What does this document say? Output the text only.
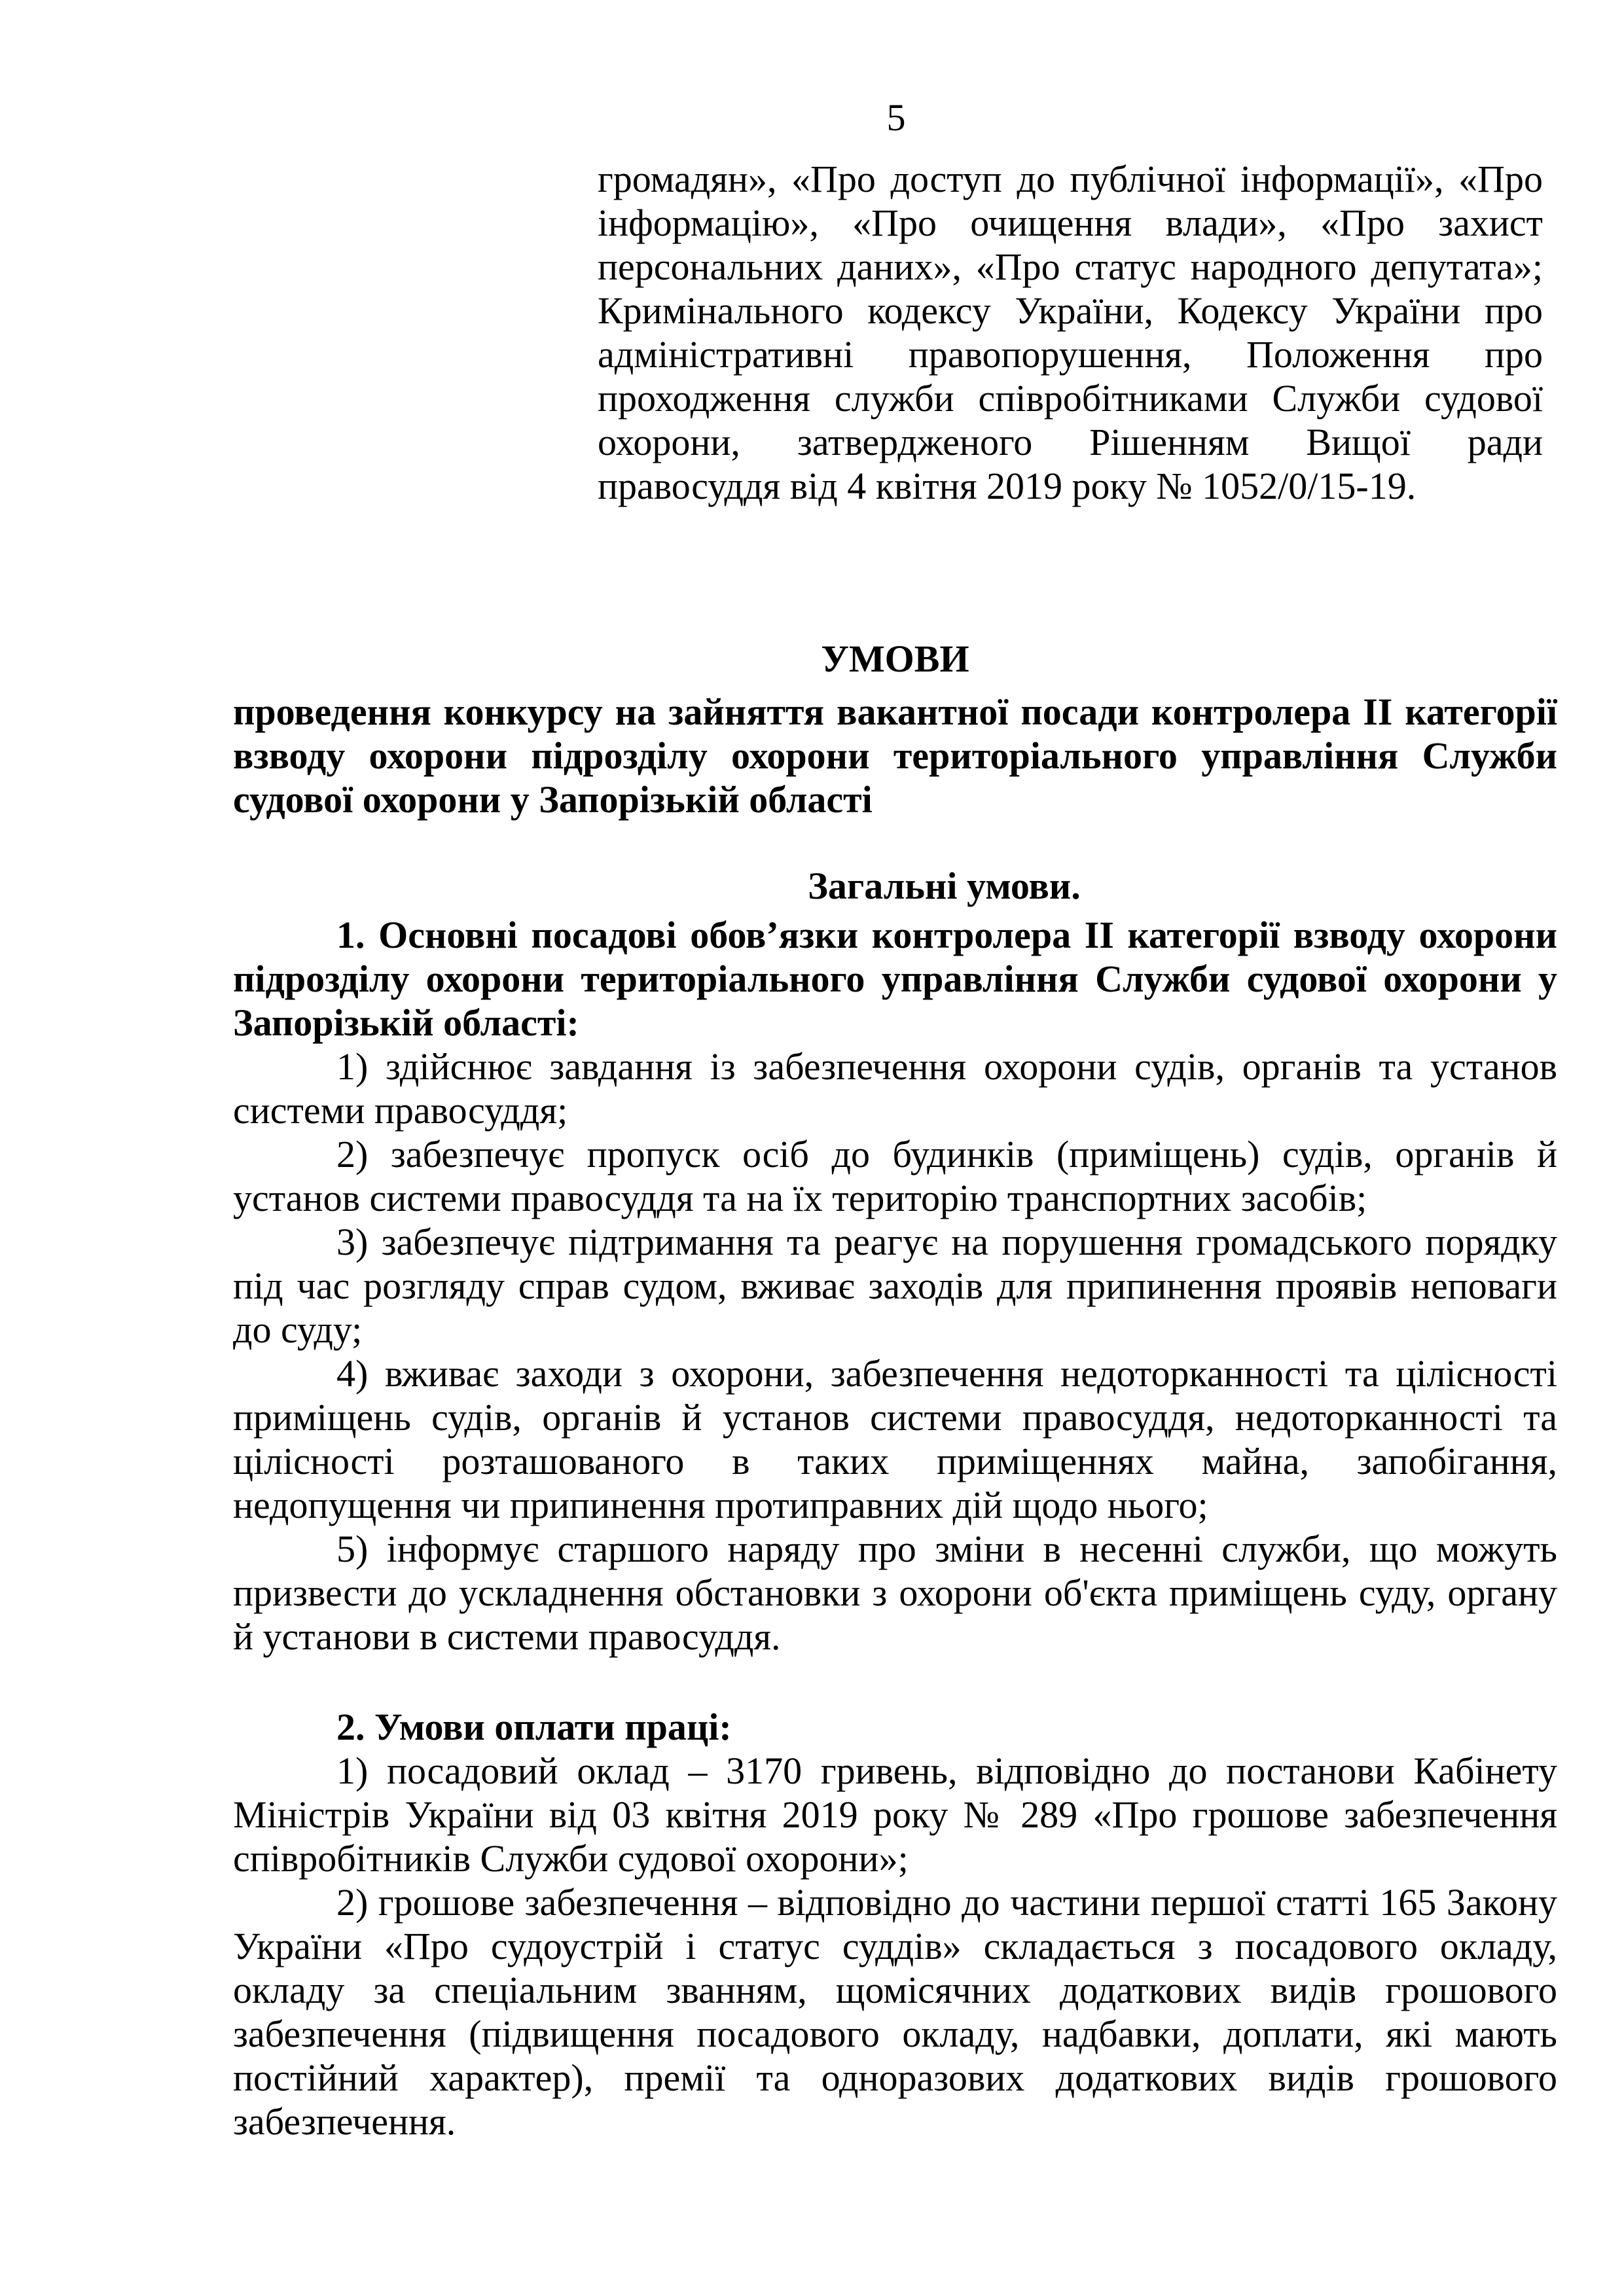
5
громадян», «Про доступ до публічної інформації», «Про
інформацію», «Про очищення влади», «Про захист
персональних даних», «Про статус народного депутата»;
Кримінального кодексу України, Кодексу України про
адміністративні правопорушення, Положення про
проходження служби співробітниками Служби судової
охорони, затвердженого Рішенням Вищої ради
правосуддя від 4 квітня 2019 року № 1052/0/15-19.
УМОВИ
проведення конкурсу на зайняття вакантної посади контролера ІІ категорії
взводу охорони підрозділу охорони територіального управління Служби
судової охорони у Запорізькій області
Загальні умови.
1. Основні посадові обов’язки контролера ІІ категорії взводу охорони
підрозділу охорони територіального управління Служби судової охорони у
Запорізькій області:
1) здійснює завдання із забезпечення охорони судів, органів та установ
системи правосуддя;
2) забезпечує пропуск осіб до будинків (приміщень) судів, органів й
установ системи правосуддя та на їх територію транспортних засобів;
3) забезпечує підтримання та реагує на порушення громадського порядку
під час розгляду справ судом, вживає заходів для припинення проявів неповаги
до суду;
4) вживає заходи з охорони, забезпечення недоторканності та цілісності
приміщень судів, органів й установ системи правосуддя, недоторканності та
цілісності розташованого в таких приміщеннях майна, запобігання,
недопущення чи припинення протиправних дій щодо нього;
5) інформує старшого наряду про зміни в несенні служби, що можуть
призвести до ускладнення обстановки з охорони об'єкта приміщень суду, органу
й установи в системи правосуддя.
2. Умови оплати праці:
1) посадовий оклад – 3170 гривень, відповідно до постанови Кабінету
Міністрів України від 03 квітня 2019 року № 289 «Про грошове забезпечення
співробітників Служби судової охорони»;
2) грошове забезпечення – відповідно до частини першої статті 165 Закону
України «Про судоустрій і статус суддів» складається з посадового окладу,
окладу за спеціальним званням, щомісячних додаткових видів грошового
забезпечення (підвищення посадового окладу, надбавки, доплати, які мають
постійний характер), премії та одноразових додаткових видів грошового
забезпечення.
